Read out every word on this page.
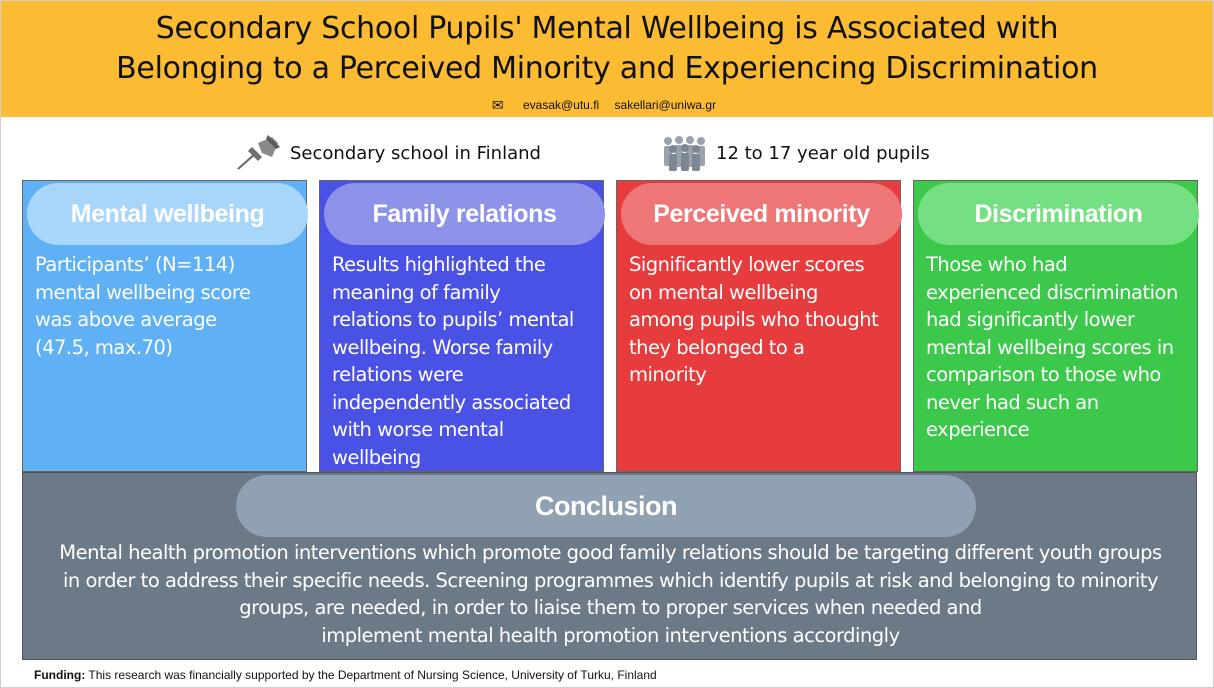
Secondary School Pupils' Mental Wellbeing is Associated with
Belonging to a Perceived Minority and Experiencing Discrimination
✉ evasak@utu.fi sakellari@uniwa.gr
Secondary school in Finland	12 to 17 year old pupils
Mental wellbeing
Participants’ (N=114)
mental wellbeing score
was above average
(47.5, max.70)
Family relations
Results highlighted the
meaning of family
relations to pupils’ mental
wellbeing. Worse family
relations were
independently associated
with worse mental
wellbeing
Perceived minority
Significantly lower scores
on mental wellbeing
among pupils who thought
they belonged to a
minority
Discrimination
Those who had
experienced discrimination
had significantly lower
mental wellbeing scores in
comparison to those who
never had such an
experience
Conclusion
Mental health promotion interventions which promote good family relations should be targeting different youth groups
in order to address their specific needs. Screening programmes which identify pupils at risk and belonging to minority
groups, are needed, in order to liaise them to proper services when needed and
implement mental health promotion interventions accordingly
Funding: This research was financially supported by the Department of Nursing Science, University of Turku, Finland
